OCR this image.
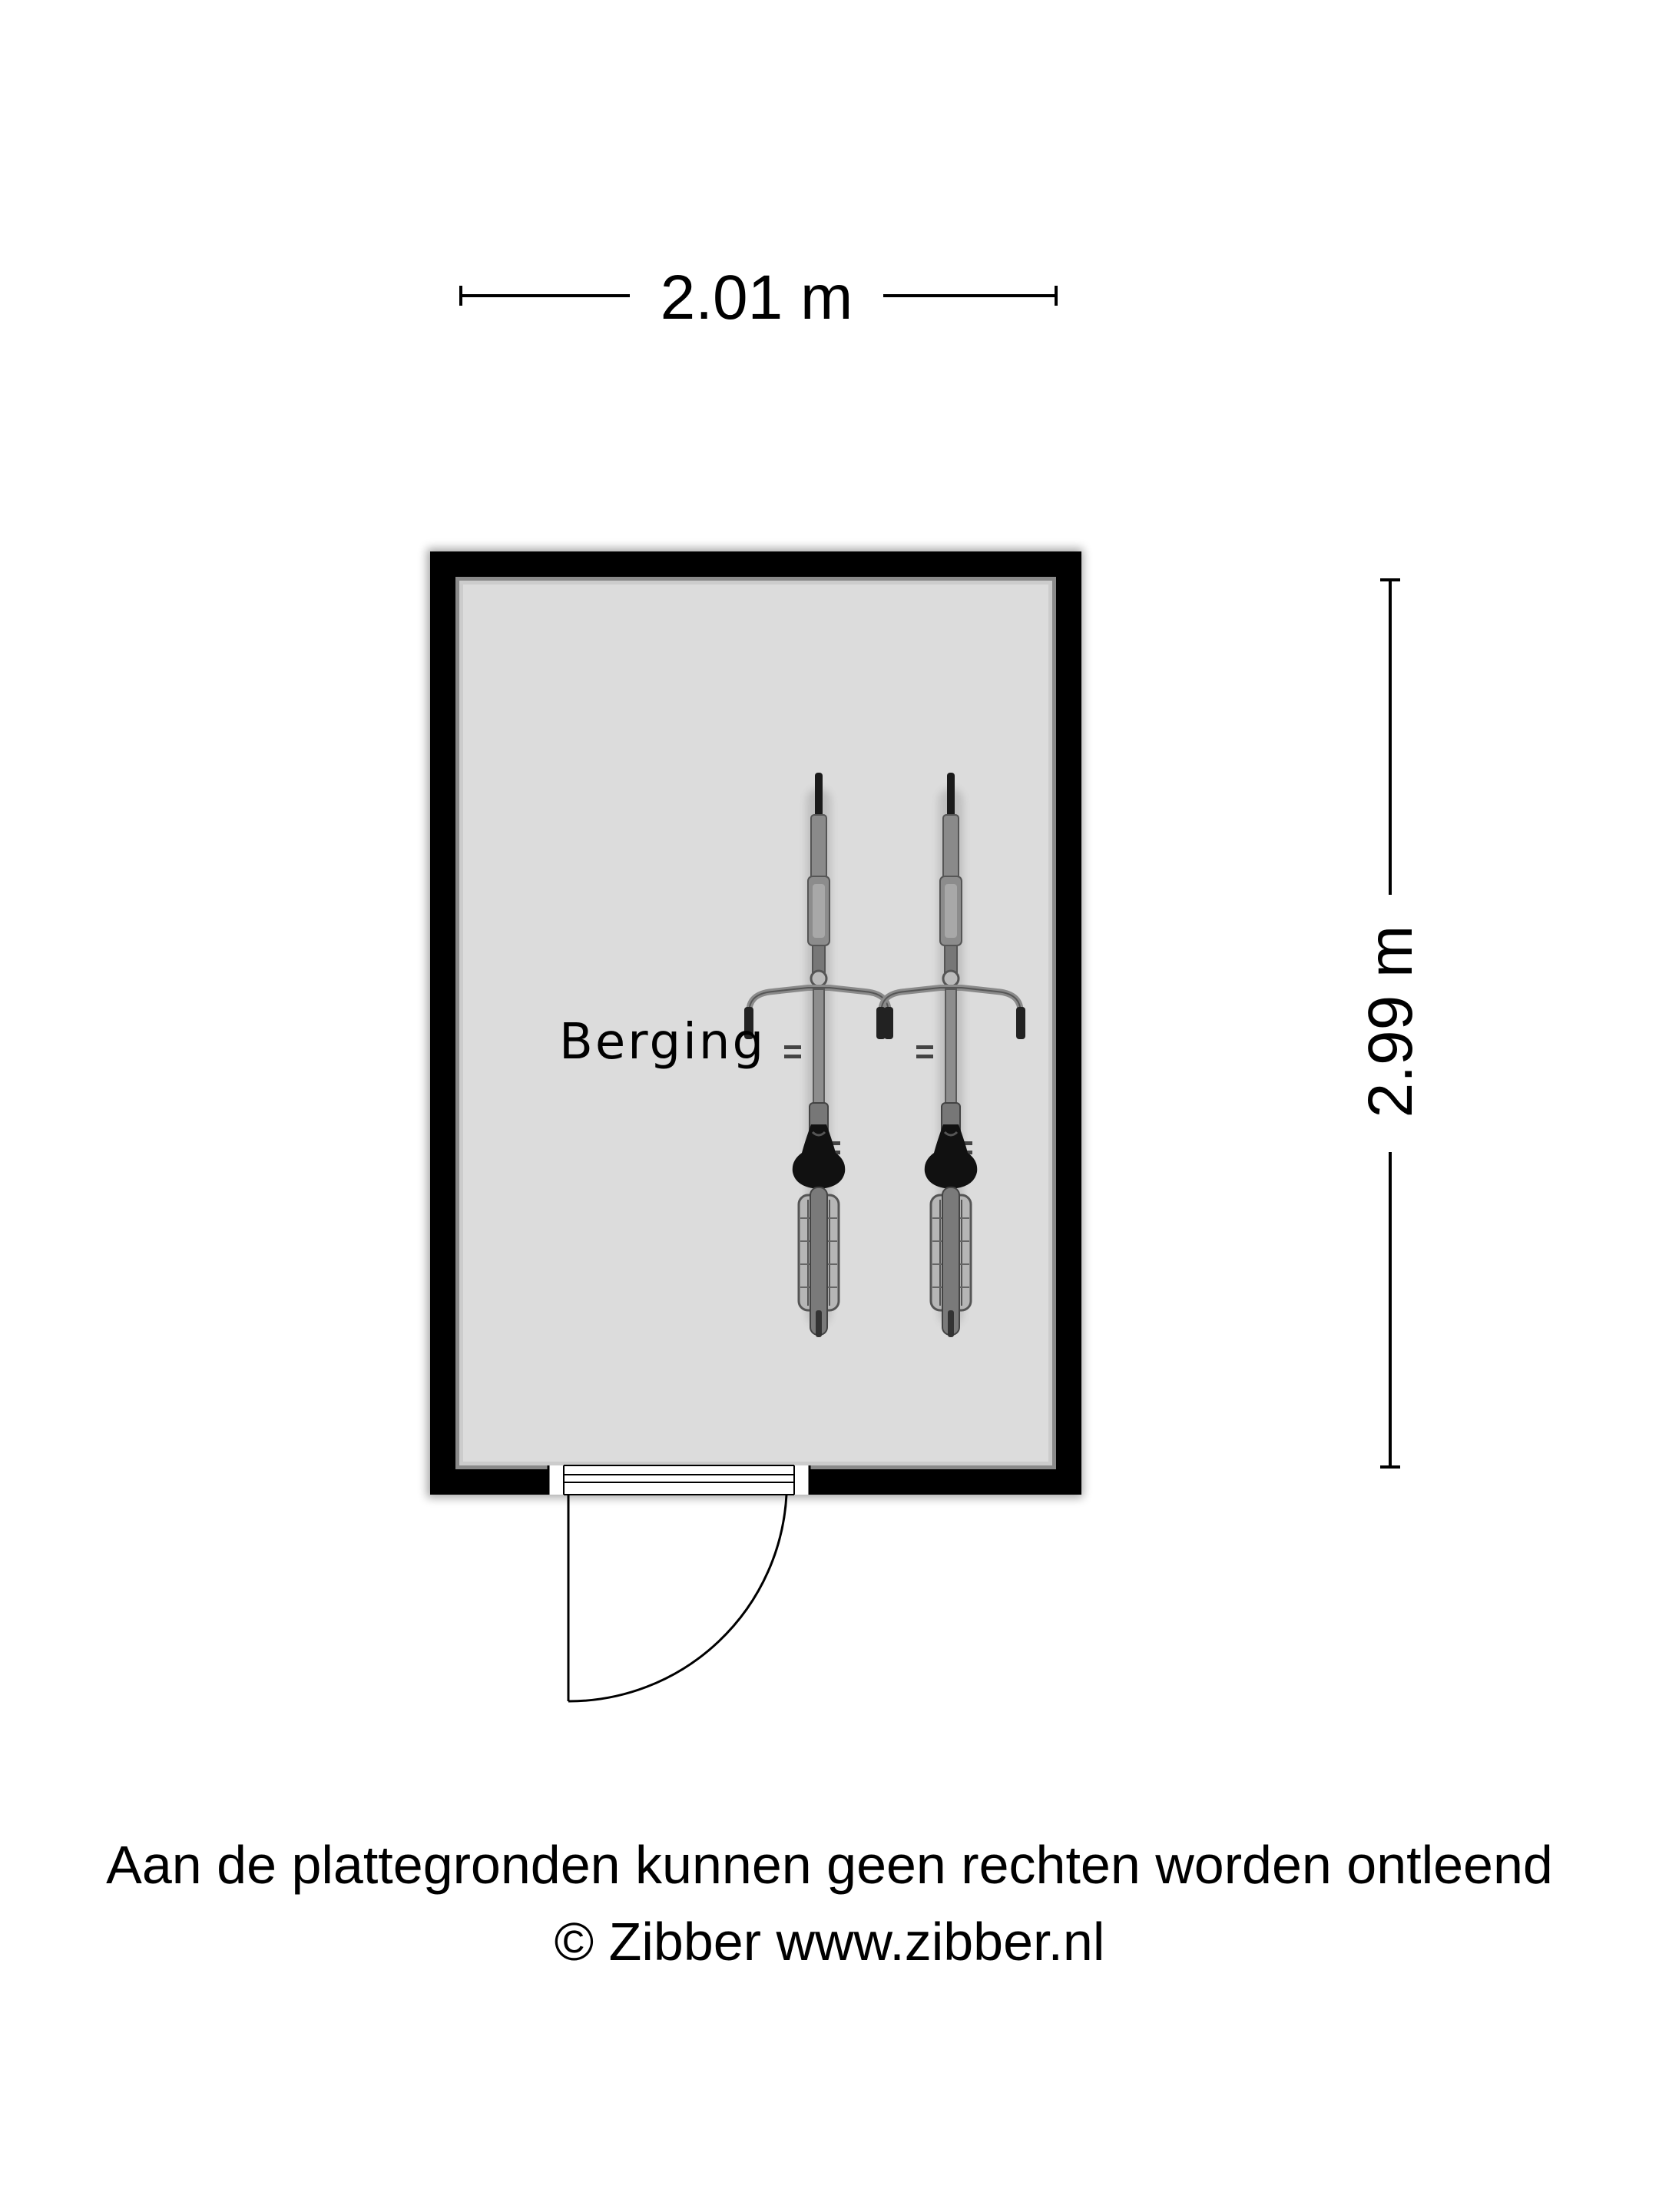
2.01 m
2.99 m
Berging
Aan de plattegronden kunnen geen rechten worden ontleend
© Zibber www.zibber.nl
